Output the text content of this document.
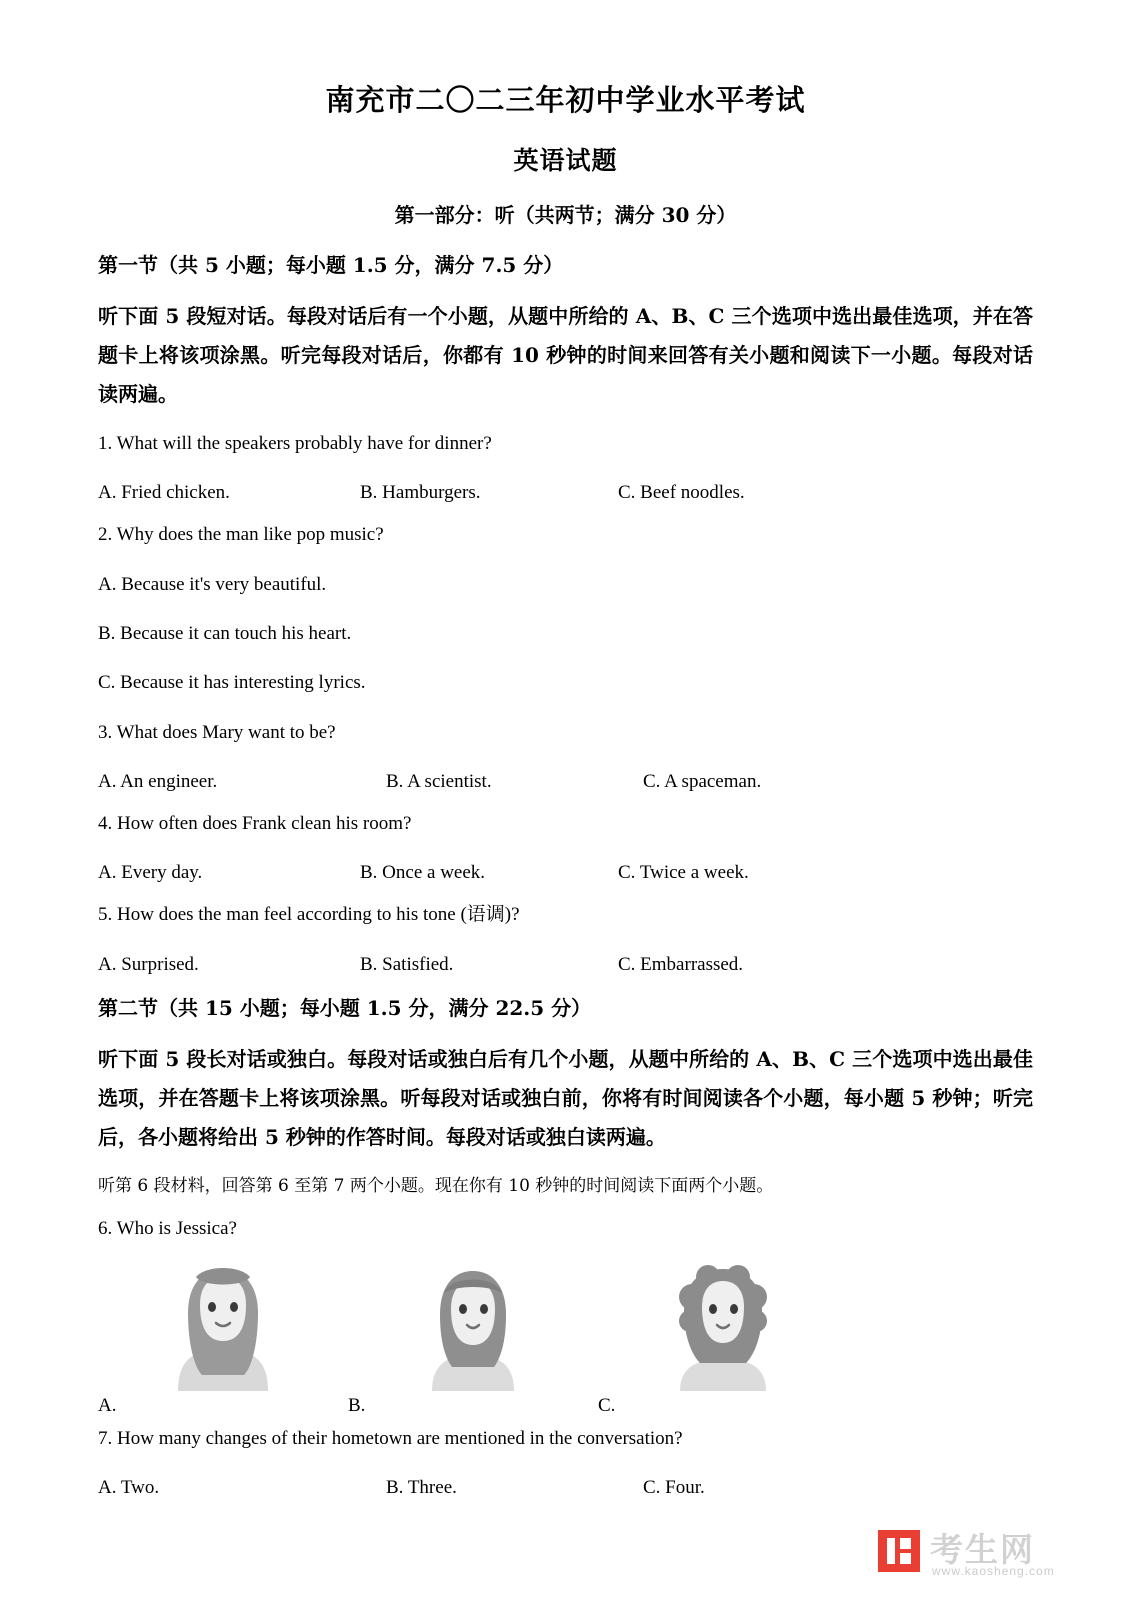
南充市二〇二三年初中学业水平考试
英语试题
第一部分：听（共两节；满分 30 分）
第一节（共 5 小题；每小题 1.5 分，满分 7.5 分）
听下面 5 段短对话。每段对话后有一个小题，从题中所给的 A、B、C 三个选项中选出最佳选项，并在答题卡上将该项涂黑。听完每段对话后，你都有 10 秒钟的时间来回答有关小题和阅读下一小题。每段对话读两遍。
1. What will the speakers probably have for dinner?
A. Fried chicken.	B. Hamburgers.	C. Beef noodles.
2. Why does the man like pop music?
A. Because it's very beautiful.
B. Because it can touch his heart.
C. Because it has interesting lyrics.
3. What does Mary want to be?
A. An engineer.	B. A scientist.	C. A spaceman.
4. How often does Frank clean his room?
A. Every day.	B. Once a week.	C. Twice a week.
5. How does the man feel according to his tone (语调)?
A. Surprised.	B. Satisfied.	C. Embarrassed.
第二节（共 15 小题；每小题 1.5 分，满分 22.5 分）
听下面 5 段长对话或独白。每段对话或独白后有几个小题，从题中所给的 A、B、C 三个选项中选出最佳选项，并在答题卡上将该项涂黑。听每段对话或独白前，你将有时间阅读各个小题，每小题 5 秒钟；听完后，各小题将给出 5 秒钟的作答时间。每段对话或独白读两遍。
听第 6 段材料，回答第 6 至第 7 两个小题。现在你有 10 秒钟的时间阅读下面两个小题。
6. Who is Jessica?
A.	B.	C.
7. How many changes of their hometown are mentioned in the conversation?
A. Two.	B. Three.	C. Four.
考生网
www.kaosheng.com
